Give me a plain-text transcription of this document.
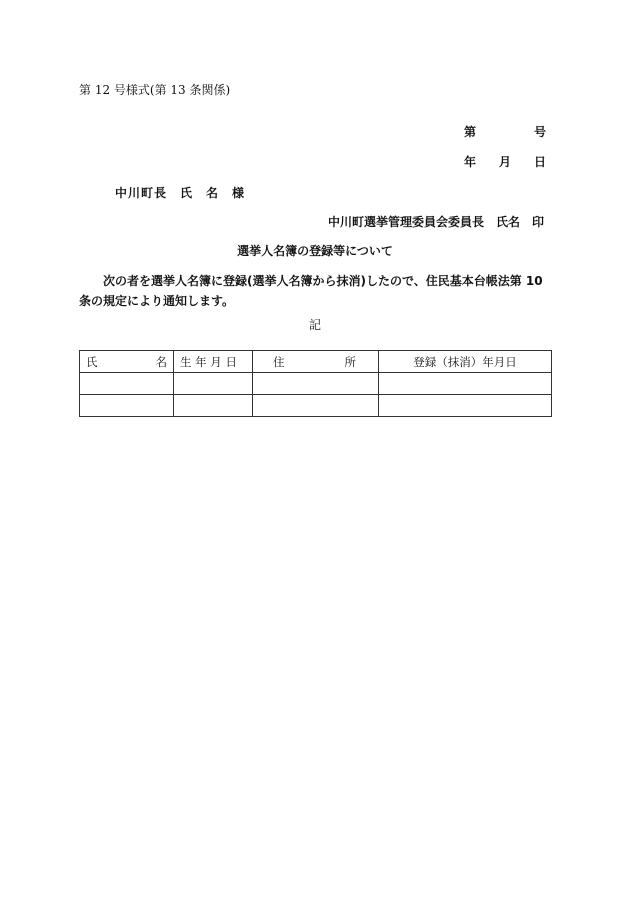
第 12 号様式(第 13 条関係)
第	号
年 月 日
中川町長　氏　名　様
中川町選挙管理委員会委員長　氏名　印
選挙人名簿の登録等について
次の者を選挙人名簿に登録(選挙人名簿から抹消)したので、住民基本台帳法第 10 条の規定により通知します。
記
氏 名	生 年 月 日	住 所	登録（抹消）年月日
